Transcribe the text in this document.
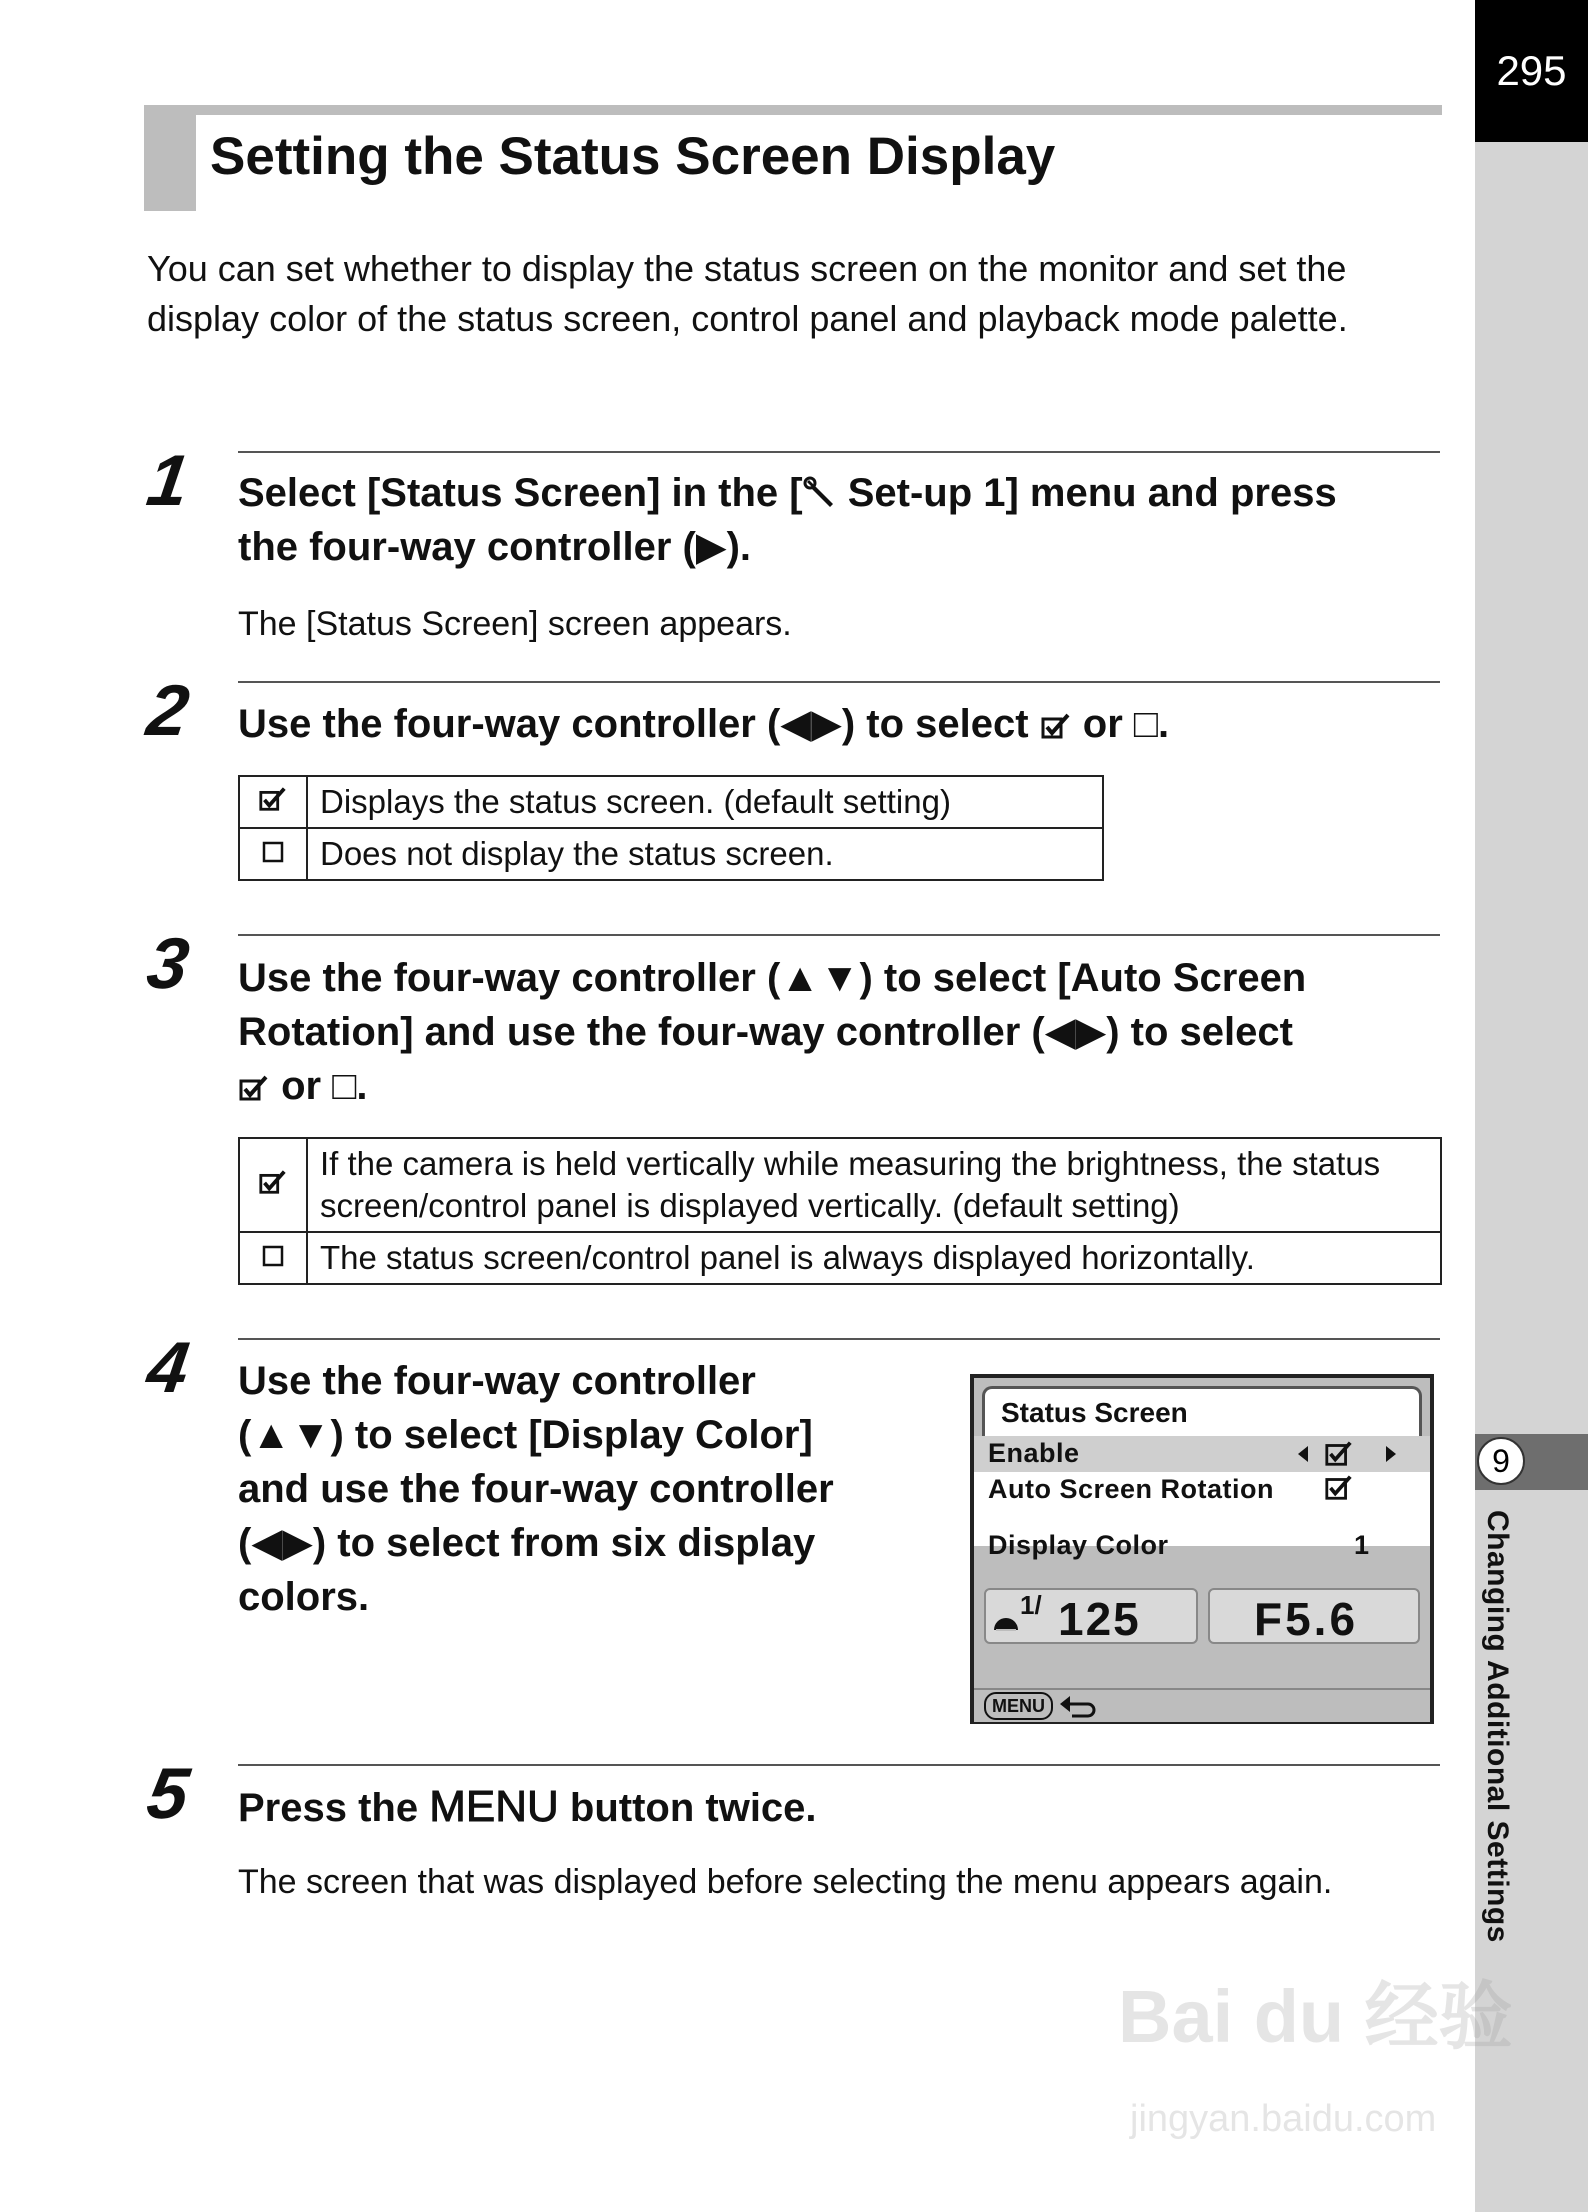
295
9
Changing Additional Settings
Setting the Status Screen Display
You can set whether to display the status screen on the monitor and set the display color of the status screen, control panel and playback mode palette.
1 Select [Status Screen] in the [ Set-up 1] menu and press
the four-way controller (▶).
The [Status Screen] screen appears.
2 Use the four-way controller (◀▶) to select  or □.
	Displays the status screen. (default setting)
	Does not display the status screen.
3 Use the four-way controller (▲▼) to select [Auto Screen
Rotation] and use the four-way controller (◀▶) to select
or □.
	If the camera is held vertically while measuring the brightness, the status screen/control panel is displayed vertically. (default setting)
	The status screen/control panel is always displayed horizontally.
4 Use the four-way controller
(▲▼) to select [Display Color]
and use the four-way controller
(◀▶) to select from six display
colors.
Status Screen
Enable
Auto Screen Rotation
Display Color	1
1/ 125 F5.6
MENU
5 Press the MENU button twice.
The screen that was displayed before selecting the menu appears again.
Bai du 经验
jingyan.baidu.com
